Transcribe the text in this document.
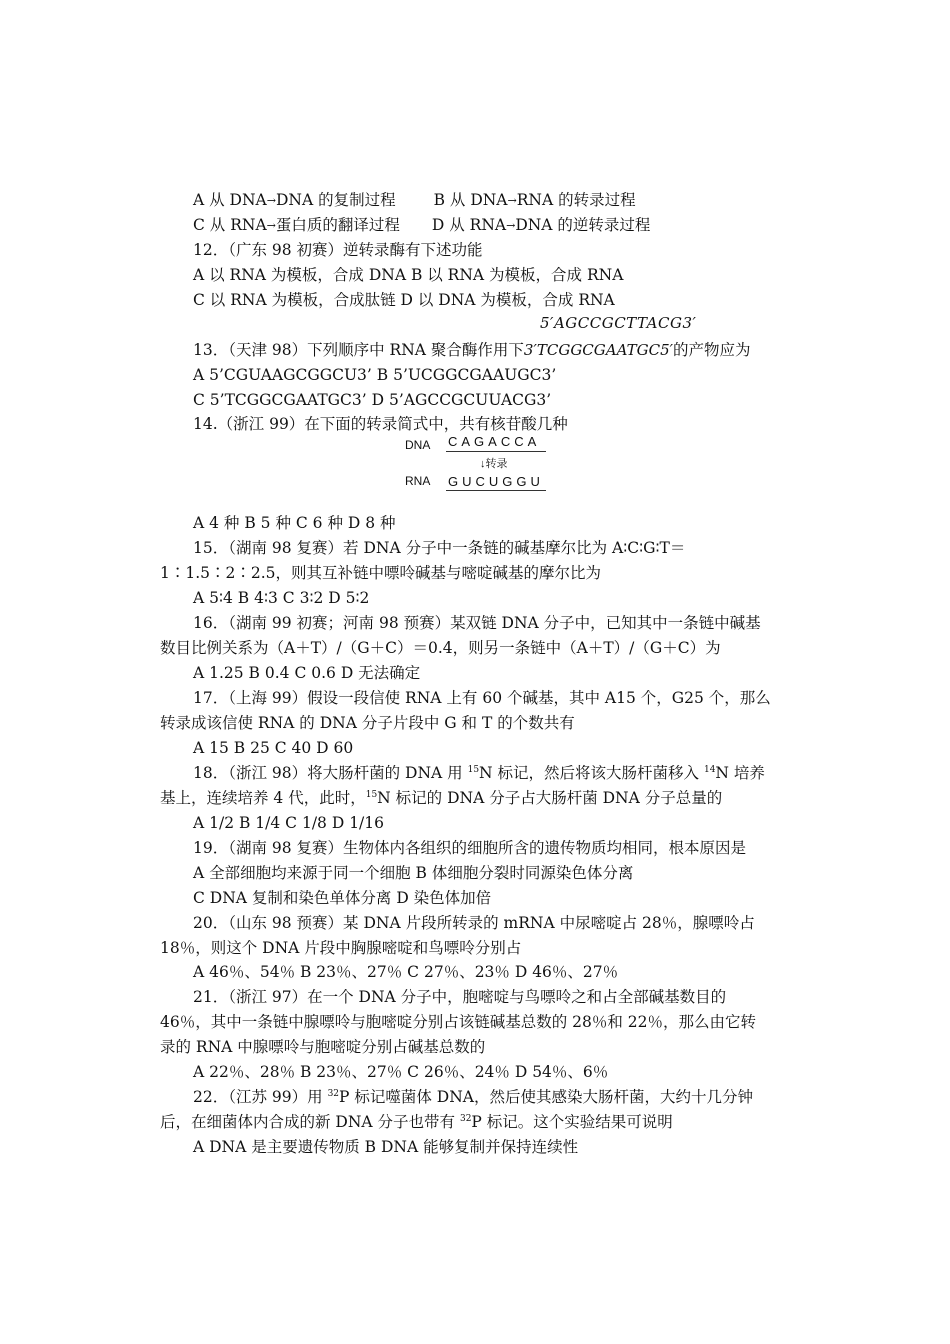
A 从 DNA→DNA 的复制过程 B 从 DNA→RNA 的转录过程
C 从 RNA→蛋白质的翻译过程 D 从 RNA→DNA 的逆转录过程
12．（广东 98 初赛）逆转录酶有下述功能
A 以 RNA 为模板，合成 DNA B 以 RNA 为模板，合成 RNA
C 以 RNA 为模板，合成肽链 D 以 DNA 为模板，合成 RNA
5′AGCCGCTTACG3′
13．（天津 98）下列顺序中 RNA 聚合酶作用下3′TCGGCGAATGC5′的产物应为
A 5’CGUAAGCGGCU3’ B 5’UCGGCGAAUGC3’
C 5’TCGGCGAATGC3’ D 5’AGCCGCUUACG3’
14.（浙江 99）在下面的转录简式中，共有核苷酸几种
DNA CAGACCA
↓转录
RNA GUCUGGU
A 4 种 B 5 种 C 6 种 D 8 种
15．（湖南 98 复赛）若 DNA 分子中一条链的碱基摩尔比为 A∶C∶G∶T＝
1∶1.5∶2∶2.5，则其互补链中嘌呤碱基与嘧啶碱基的摩尔比为
A 5∶4 B 4∶3 C 3∶2 D 5∶2
16．（湖南 99 初赛；河南 98 预赛）某双链 DNA 分子中，已知其中一条链中碱基
数目比例关系为（A＋T）/（G＋C）＝0.4，则另一条链中（A＋T）/（G＋C）为
A 1.25 B 0.4 C 0.6 D 无法确定
17．（上海 99）假设一段信使 RNA 上有 60 个碱基，其中 A15 个，G25 个，那么
转录成该信使 RNA 的 DNA 分子片段中 G 和 T 的个数共有
A 15 B 25 C 40 D 60
18．（浙江 98）将大肠杆菌的 DNA 用 $^{15}$N 标记，然后将该大肠杆菌移入 $^{14}$N 培养
基上，连续培养 4 代，此时，$^{15}$N 标记的 DNA 分子占大肠杆菌 DNA 分子总量的
A 1/2 B 1/4 C 1/8 D 1/16
19．（湖南 98 复赛）生物体内各组织的细胞所含的遗传物质均相同，根本原因是
A 全部细胞均来源于同一个细胞 B 体细胞分裂时同源染色体分离
C DNA 复制和染色单体分离 D 染色体加倍
20．（山东 98 预赛）某 DNA 片段所转录的 mRNA 中尿嘧啶占 28％，腺嘌呤占
18％，则这个 DNA 片段中胸腺嘧啶和鸟嘌呤分别占
A 46％、54％ B 23％、27％ C 27％、23％ D 46％、27％
21．（浙江 97）在一个 DNA 分子中，胞嘧啶与鸟嘌呤之和占全部碱基数目的
46％，其中一条链中腺嘌呤与胞嘧啶分别占该链碱基总数的 28％和 22％，那么由它转
录的 RNA 中腺嘌呤与胞嘧啶分别占碱基总数的
A 22％、28％ B 23％、27％ C 26％、24％ D 54％、6％
22．（江苏 99）用 $^{32}$P 标记噬菌体 DNA，然后使其感染大肠杆菌，大约十几分钟
后，在细菌体内合成的新 DNA 分子也带有 $^{32}$P 标记。这个实验结果可说明
A DNA 是主要遗传物质 B DNA 能够复制并保持连续性
